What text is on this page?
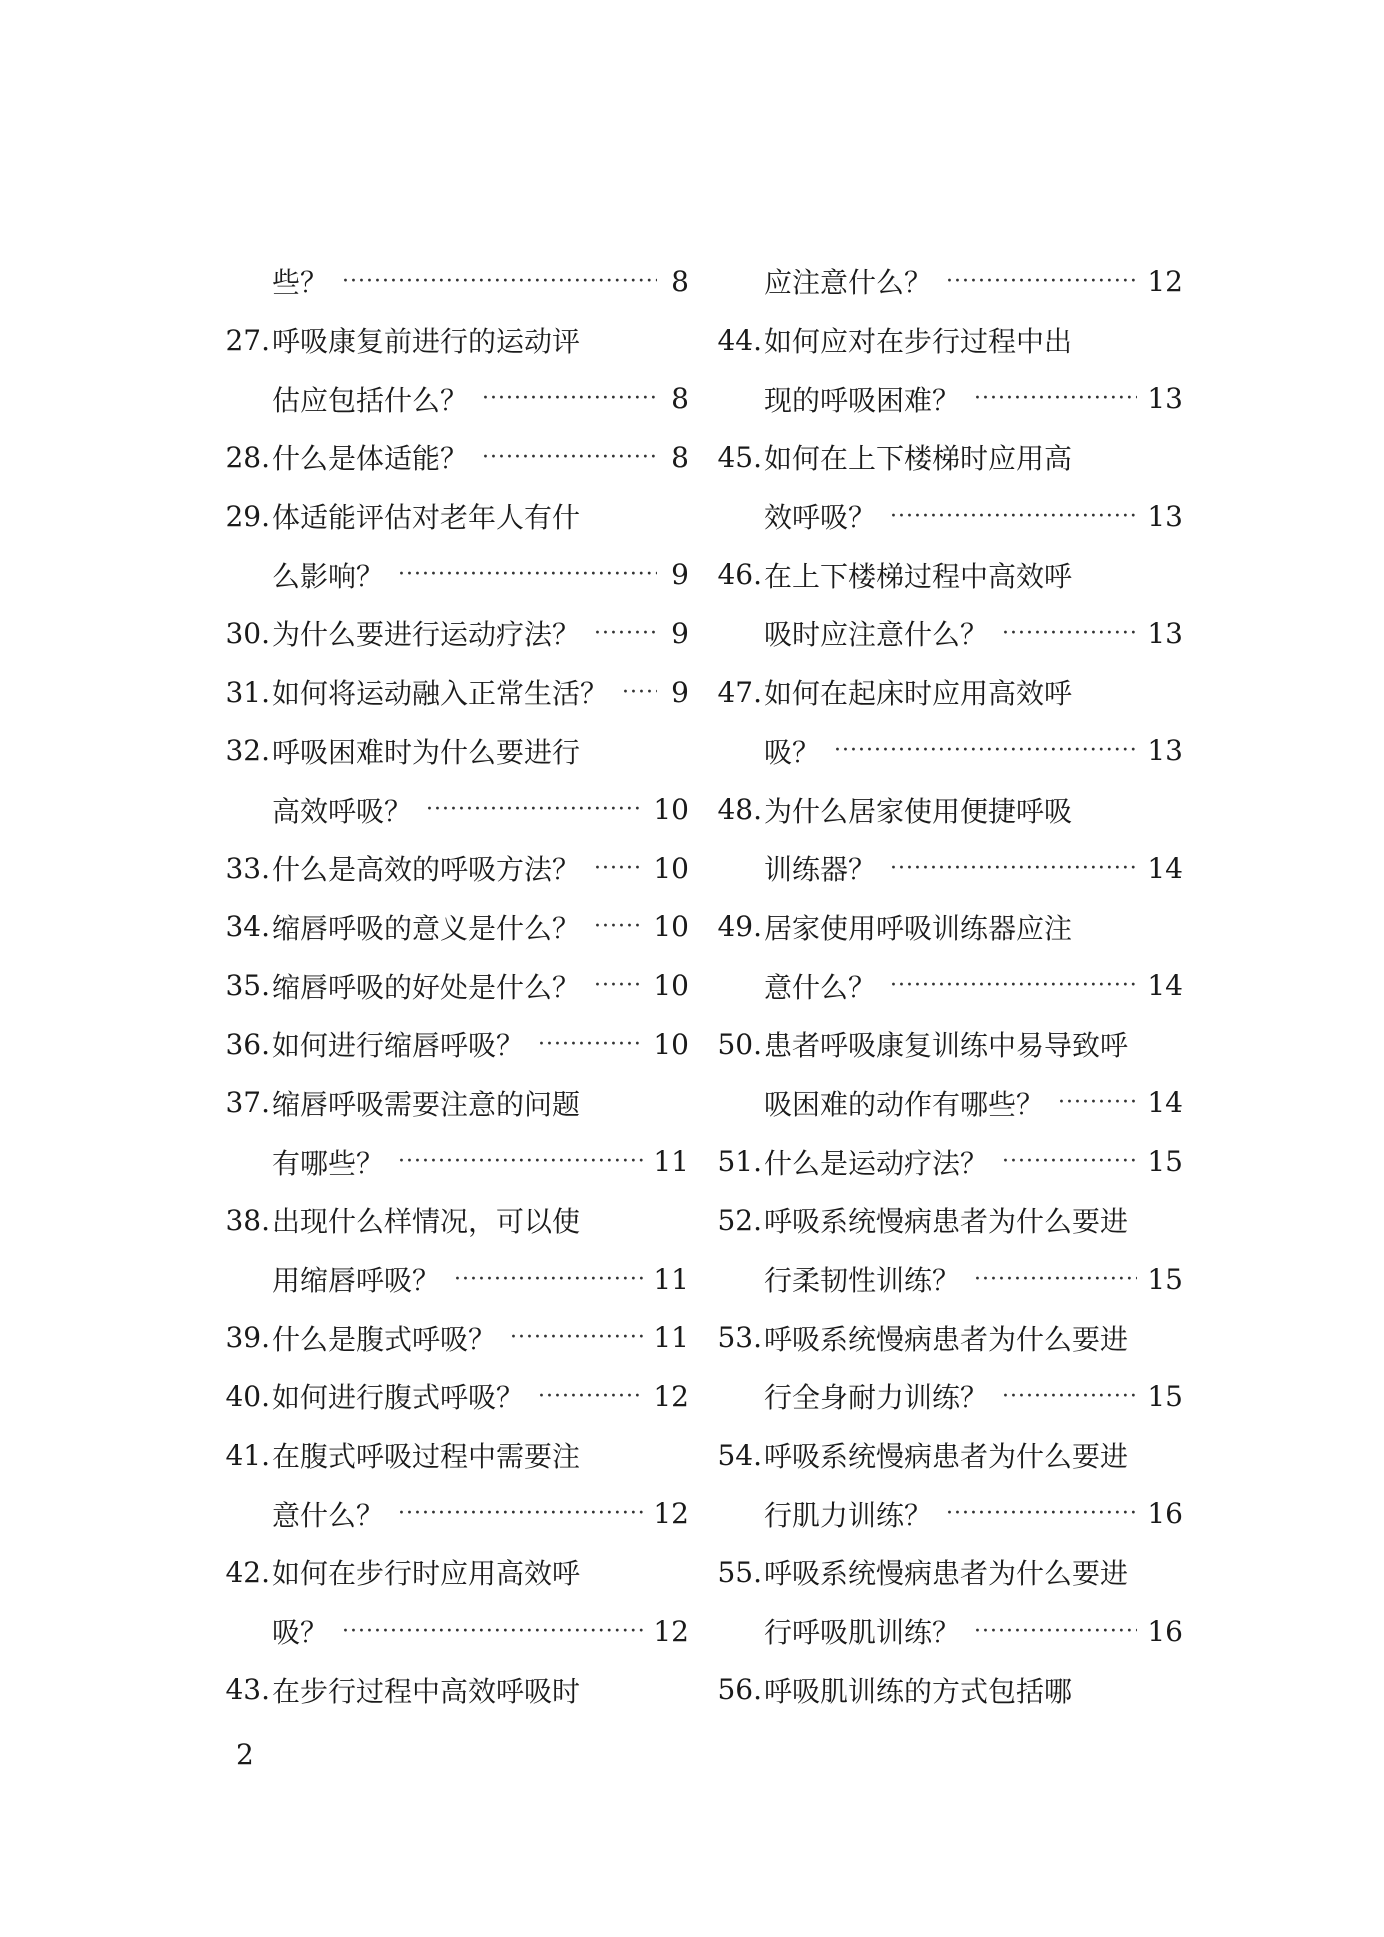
些？ ·····	8
27. 呼吸康复前进行的运动评
估应包括什么？ ·····	8
28. 什么是体适能？ ·····	8
29. 体适能评估对老年人有什
么影响？ ·····	9
30. 为什么要进行运动疗法？ ·····	9
31. 如何将运动融入正常生活？ ····· 9
32. 呼吸困难时为什么要进行
高效呼吸？ ·····	10
33. 什么是高效的呼吸方法？ ·····	10
34. 缩唇呼吸的意义是什么？ ·····	10
35. 缩唇呼吸的好处是什么？ ·····	10
36. 如何进行缩唇呼吸？ ·····	10
37. 缩唇呼吸需要注意的问题
有哪些？ ·····	11
38. 出现什么样情况，可以使
用缩唇呼吸？ ·····	11
39. 什么是腹式呼吸？ ·····	11
40. 如何进行腹式呼吸？ ·····	12
41. 在腹式呼吸过程中需要注
意什么？ ·····	12
42. 如何在步行时应用高效呼
吸？ ·····	12
43. 在步行过程中高效呼吸时
应注意什么？ ·····	12
44. 如何应对在步行过程中出
现的呼吸困难？ ·····	13
45. 如何在上下楼梯时应用高
效呼吸？ ·····	13
46. 在上下楼梯过程中高效呼
吸时应注意什么？ ·····	13
47. 如何在起床时应用高效呼
吸？ ·····	13
48. 为什么居家使用便捷呼吸
训练器？ ·····	14
49. 居家使用呼吸训练器应注
意什么？ ·····	14
50. 患者呼吸康复训练中易导致呼
吸困难的动作有哪些？ ·····	14
51. 什么是运动疗法？ ·····	15
52. 呼吸系统慢病患者为什么要进
行柔韧性训练？ ·····	15
53. 呼吸系统慢病患者为什么要进
行全身耐力训练？ ·····	15
54. 呼吸系统慢病患者为什么要进
行肌力训练？ ·····	16
55. 呼吸系统慢病患者为什么要进
行呼吸肌训练？ ·····	16
56. 呼吸肌训练的方式包括哪
2
